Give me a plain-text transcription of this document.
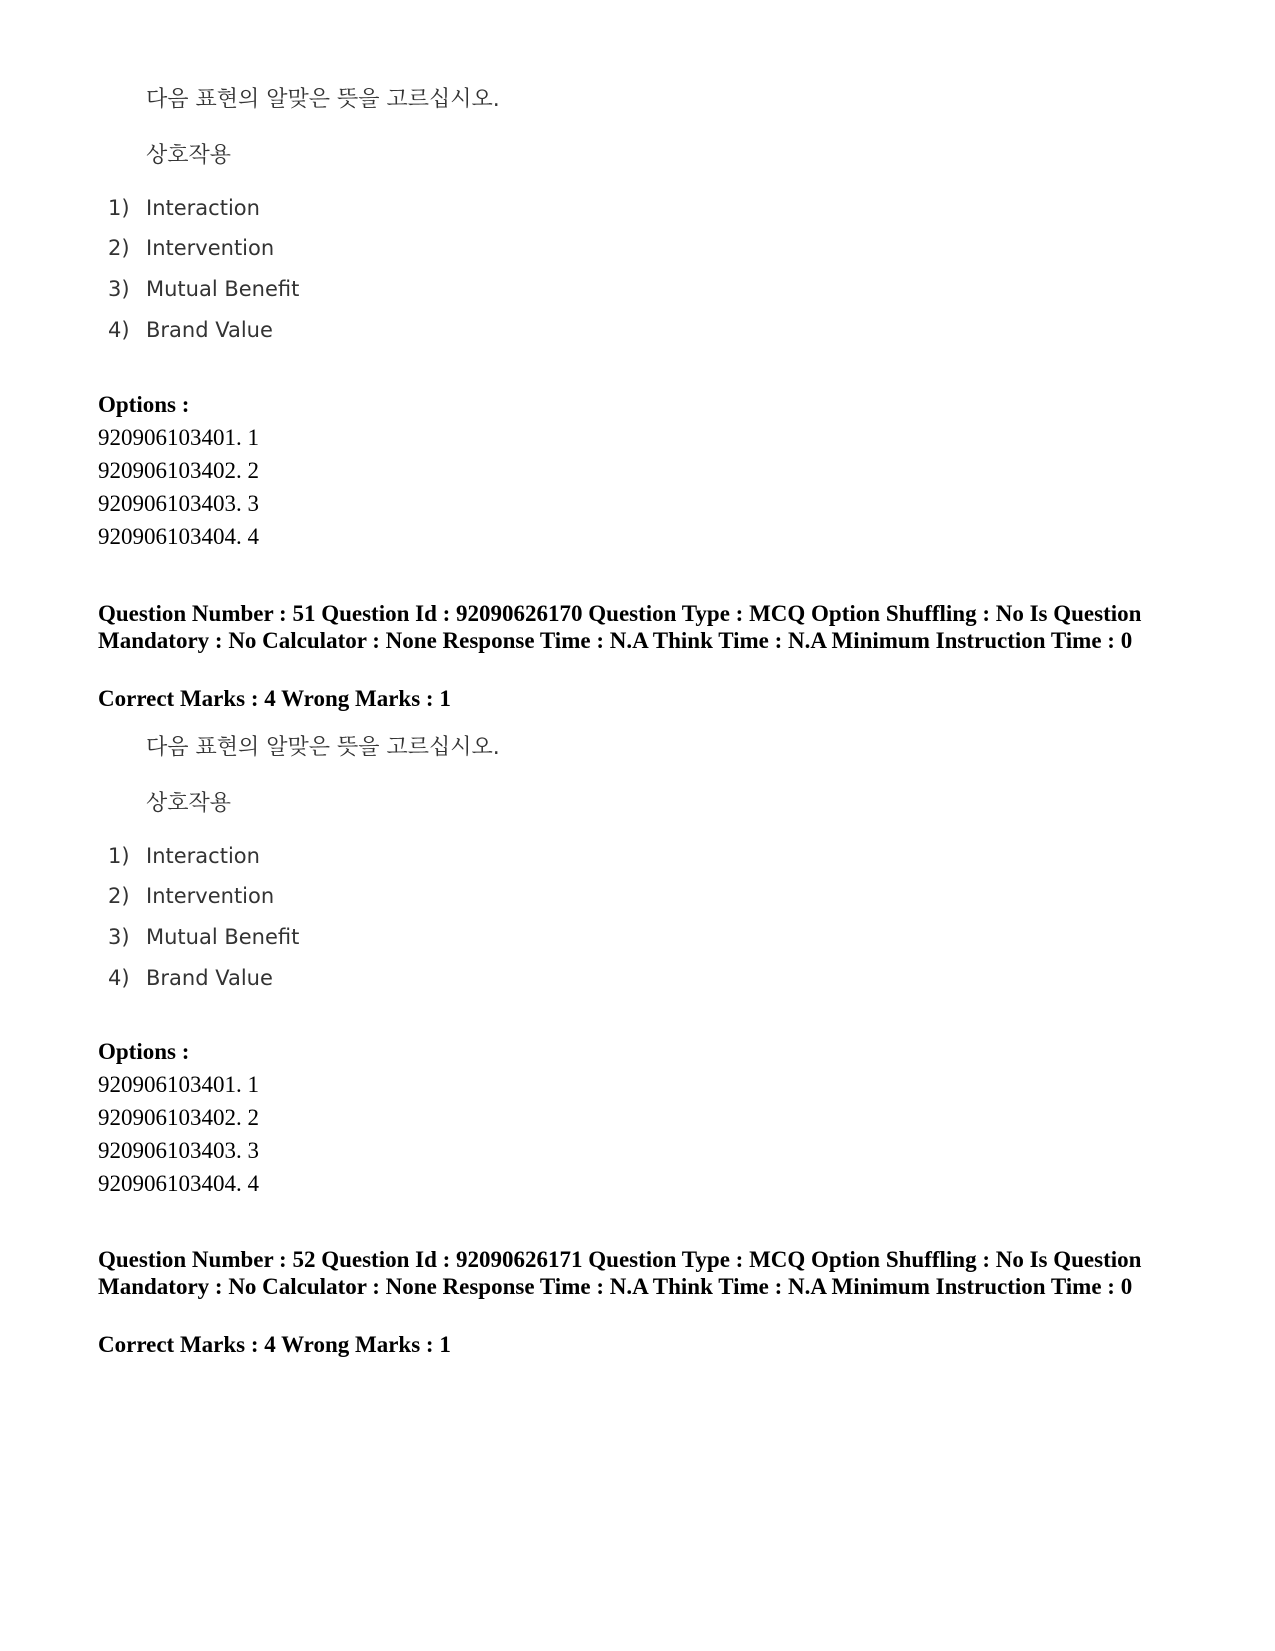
다음 표현의 알맞은 뜻을 고르십시오.
상호작용
1) Interaction
2) Intervention
3) Mutual Benefit
4) Brand Value
Options :
920906103401. 1
920906103402. 2
920906103403. 3
920906103404. 4
Question Number : 51 Question Id : 92090626170 Question Type : MCQ Option Shuffling : No Is Question Mandatory : No Calculator : None Response Time : N.A Think Time : N.A Minimum Instruction Time : 0
Correct Marks : 4 Wrong Marks : 1
다음 표현의 알맞은 뜻을 고르십시오.
상호작용
1) Interaction
2) Intervention
3) Mutual Benefit
4) Brand Value
Options :
920906103401. 1
920906103402. 2
920906103403. 3
920906103404. 4
Question Number : 52 Question Id : 92090626171 Question Type : MCQ Option Shuffling : No Is Question Mandatory : No Calculator : None Response Time : N.A Think Time : N.A Minimum Instruction Time : 0
Correct Marks : 4 Wrong Marks : 1
